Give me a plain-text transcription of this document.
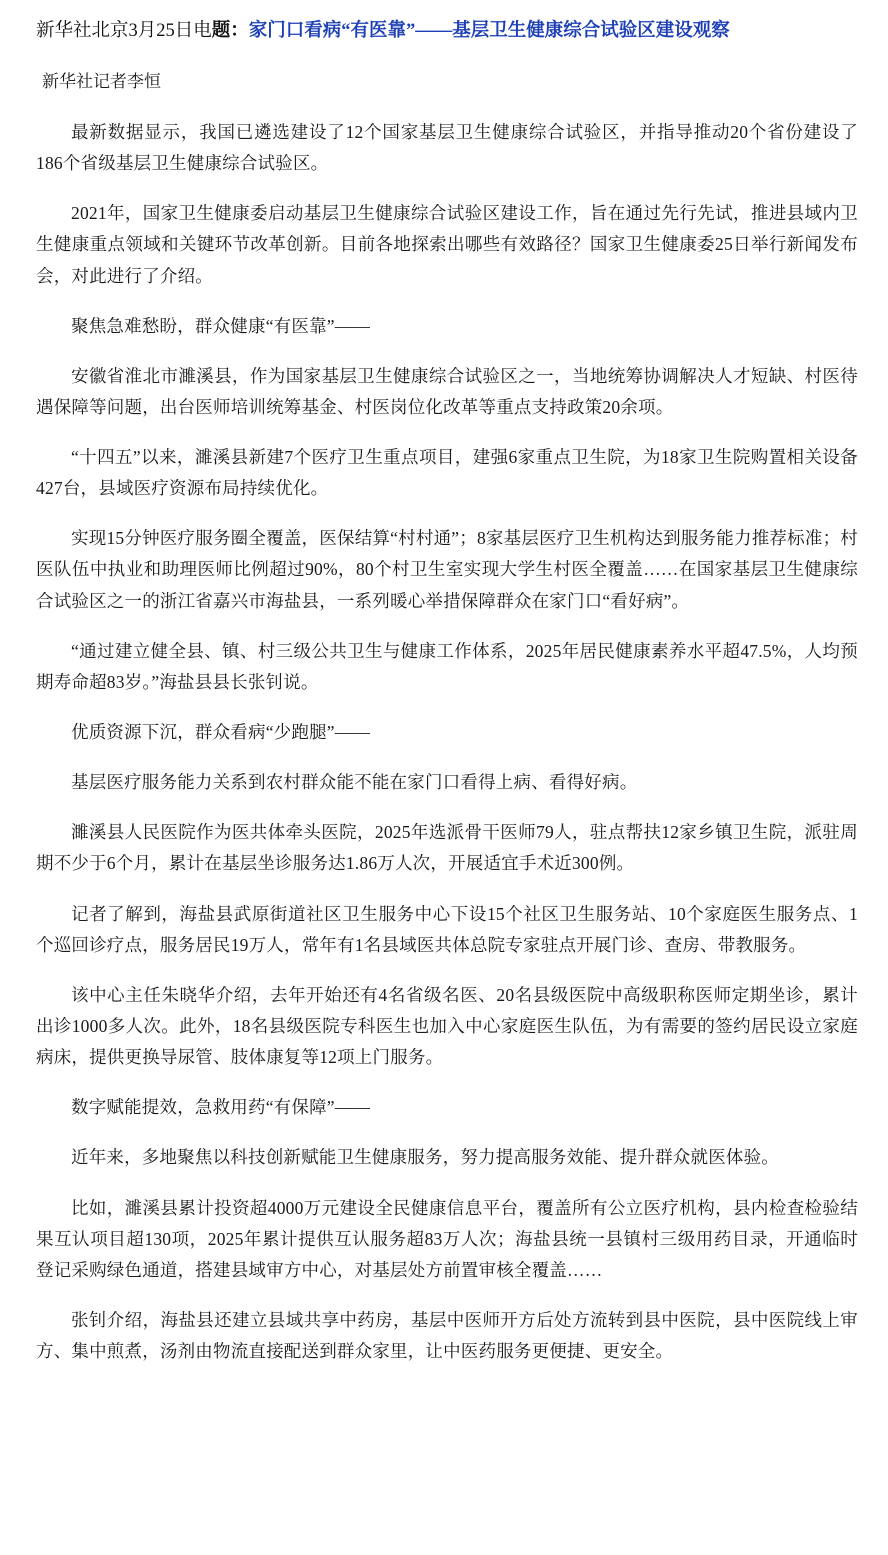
新华社北京3月25日电题：家门口看病“有医靠”——基层卫生健康综合试验区建设观察
新华社记者李恒

最新数据显示，我国已遴选建设了12个国家基层卫生健康综合试验区，并指导推动20个省份建设了186个省级基层卫生健康综合试验区。

2021年，国家卫生健康委启动基层卫生健康综合试验区建设工作，旨在通过先行先试，推进县域内卫生健康重点领域和关键环节改革创新。目前各地探索出哪些有效路径？国家卫生健康委25日举行新闻发布会，对此进行了介绍。

聚焦急难愁盼，群众健康“有医靠”——

安徽省淮北市濉溪县，作为国家基层卫生健康综合试验区之一，当地统筹协调解决人才短缺、村医待遇保障等问题，出台医师培训统筹基金、村医岗位化改革等重点支持政策20余项。

“十四五”以来，濉溪县新建7个医疗卫生重点项目，建强6家重点卫生院，为18家卫生院购置相关设备427台，县域医疗资源布局持续优化。

实现15分钟医疗服务圈全覆盖，医保结算“村村通”；8家基层医疗卫生机构达到服务能力推荐标准；村医队伍中执业和助理医师比例超过90%，80个村卫生室实现大学生村医全覆盖……在国家基层卫生健康综合试验区之一的浙江省嘉兴市海盐县，一系列暖心举措保障群众在家门口“看好病”。

“通过建立健全县、镇、村三级公共卫生与健康工作体系，2025年居民健康素养水平超47.5%，人均预期寿命超83岁。”海盐县县长张钊说。

优质资源下沉，群众看病“少跑腿”——

基层医疗服务能力关系到农村群众能不能在家门口看得上病、看得好病。

濉溪县人民医院作为医共体牵头医院，2025年选派骨干医师79人，驻点帮扶12家乡镇卫生院，派驻周期不少于6个月，累计在基层坐诊服务达1.86万人次，开展适宜手术近300例。

记者了解到，海盐县武原街道社区卫生服务中心下设15个社区卫生服务站、10个家庭医生服务点、1个巡回诊疗点，服务居民19万人，常年有1名县域医共体总院专家驻点开展门诊、查房、带教服务。

该中心主任朱晓华介绍，去年开始还有4名省级名医、20名县级医院中高级职称医师定期坐诊，累计出诊1000多人次。此外，18名县级医院专科医生也加入中心家庭医生队伍，为有需要的签约居民设立家庭病床，提供更换导尿管、肢体康复等12项上门服务。

数字赋能提效，急救用药“有保障”——

近年来，多地聚焦以科技创新赋能卫生健康服务，努力提高服务效能、提升群众就医体验。

比如，濉溪县累计投资超4000万元建设全民健康信息平台，覆盖所有公立医疗机构，县内检查检验结果互认项目超130项，2025年累计提供互认服务超83万人次；海盐县统一县镇村三级用药目录，开通临时登记采购绿色通道，搭建县域审方中心，对基层处方前置审核全覆盖……

张钊介绍，海盐县还建立县域共享中药房，基层中医师开方后处方流转到县中医院，县中医院线上审方、集中煎煮，汤剂由物流直接配送到群众家里，让中医药服务更便捷、更安全。
